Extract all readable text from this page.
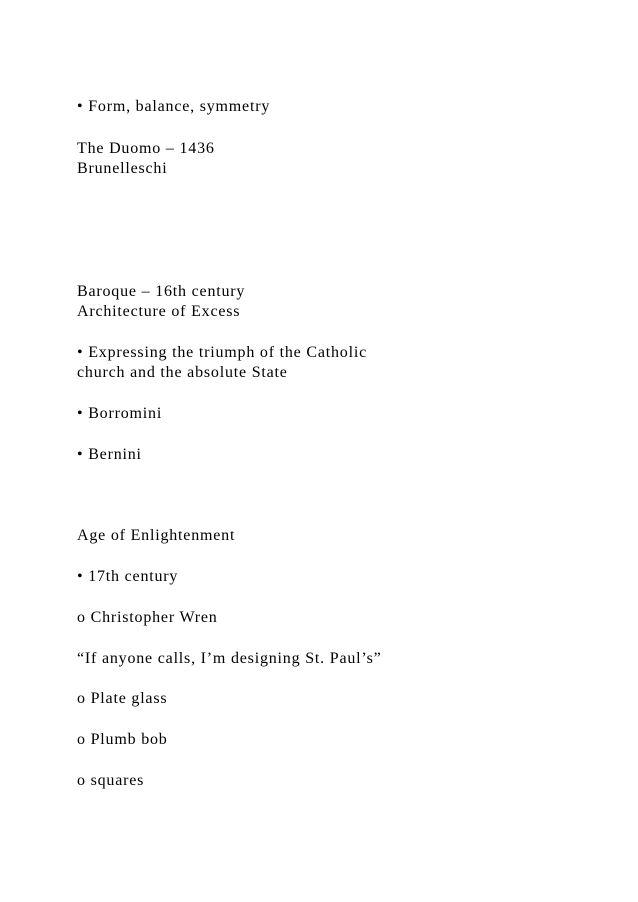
• Form, balance, symmetry
The Duomo – 1436
Brunelleschi
Baroque – 16th century
Architecture of Excess
• Expressing the triumph of the Catholic
church and the absolute State
• Borromini
• Bernini
Age of Enlightenment
• 17th century
o Christopher Wren
“If anyone calls, I’m designing St. Paul’s”
o Plate glass
o Plumb bob
o squares
